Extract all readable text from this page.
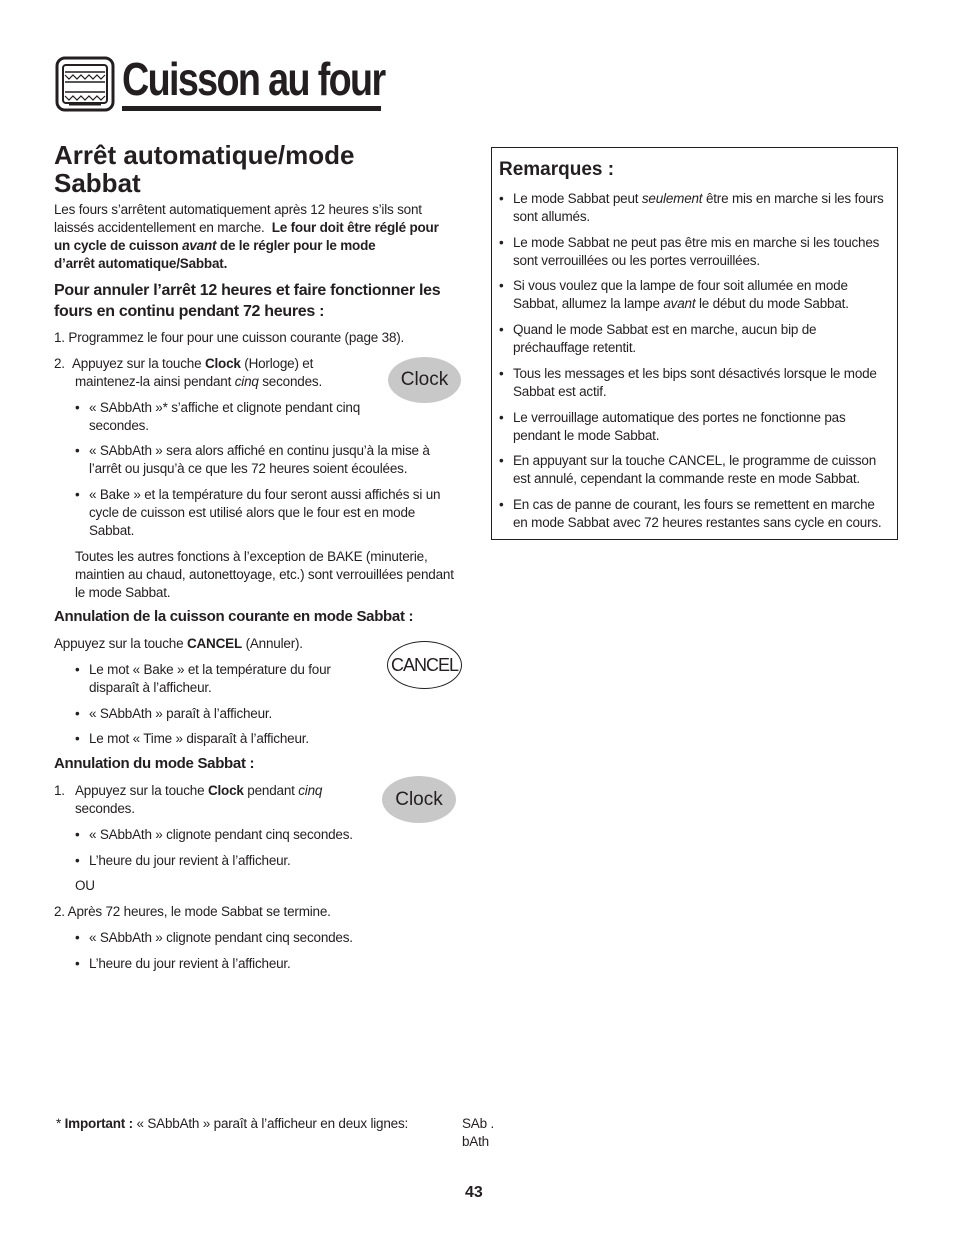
Cuisson au four
Arrêt automatique/mode
Sabbat
Les fours s’arrêtent automatiquement après 12 heures s’ils sont
laissés accidentellement en marche. Le four doit être réglé pour
un cycle de cuisson avant de le régler pour le mode
d’arrêt automatique/Sabbat.
Pour annuler l’arrêt 12 heures et faire fonctionner les
fours en continu pendant 72 heures :
1. Programmez le four pour une cuisson courante (page 38).
2. Appuyez sur la touche Clock (Horloge) et
maintenez-la ainsi pendant cinq secondes.	Clock
• « SAbbAth »* s’affiche et clignote pendant cinq
secondes.
• « SAbbAth » sera alors affiché en continu jusqu’à la mise à
l’arrêt ou jusqu’à ce que les 72 heures soient écoulées.
• « Bake » et la température du four seront aussi affichés si un
cycle de cuisson est utilisé alors que le four est en mode
Sabbat.
Toutes les autres fonctions à l’exception de BAKE (minuterie,
maintien au chaud, autonettoyage, etc.) sont verrouillées pendant
le mode Sabbat.
Annulation de la cuisson courante en mode Sabbat :
Appuyez sur la touche CANCEL (Annuler).
CANCEL
• Le mot « Bake » et la température du four
disparaît à l’afficheur.
• « SAbbAth » paraît à l’afficheur.
• Le mot « Time » disparaît à l’afficheur.
Annulation du mode Sabbat :
1. Appuyez sur la touche Clock pendant cinq
secondes.	Clock
• « SAbbAth » clignote pendant cinq secondes.
• L’heure du jour revient à l’afficheur.
OU
2. Après 72 heures, le mode Sabbat se termine.
• « SAbbAth » clignote pendant cinq secondes.
• L’heure du jour revient à l’afficheur.
Remarques :
• Le mode Sabbat peut seulement être mis en marche si les fours
sont allumés.
• Le mode Sabbat ne peut pas être mis en marche si les touches
sont verrouillées ou les portes verrouillées.
• Si vous voulez que la lampe de four soit allumée en mode
Sabbat, allumez la lampe avant le début du mode Sabbat.
• Quand le mode Sabbat est en marche, aucun bip de
préchauffage retentit.
• Tous les messages et les bips sont désactivés lorsque le mode
Sabbat est actif.
• Le verrouillage automatique des portes ne fonctionne pas
pendant le mode Sabbat.
• En appuyant sur la touche CANCEL, le programme de cuisson
est annulé, cependant la commande reste en mode Sabbat.
• En cas de panne de courant, les fours se remettent en marche
en mode Sabbat avec 72 heures restantes sans cycle en cours.
* Important : « SAbbAth » paraît à l’afficheur en deux lignes:	SAb .
bAth
43
